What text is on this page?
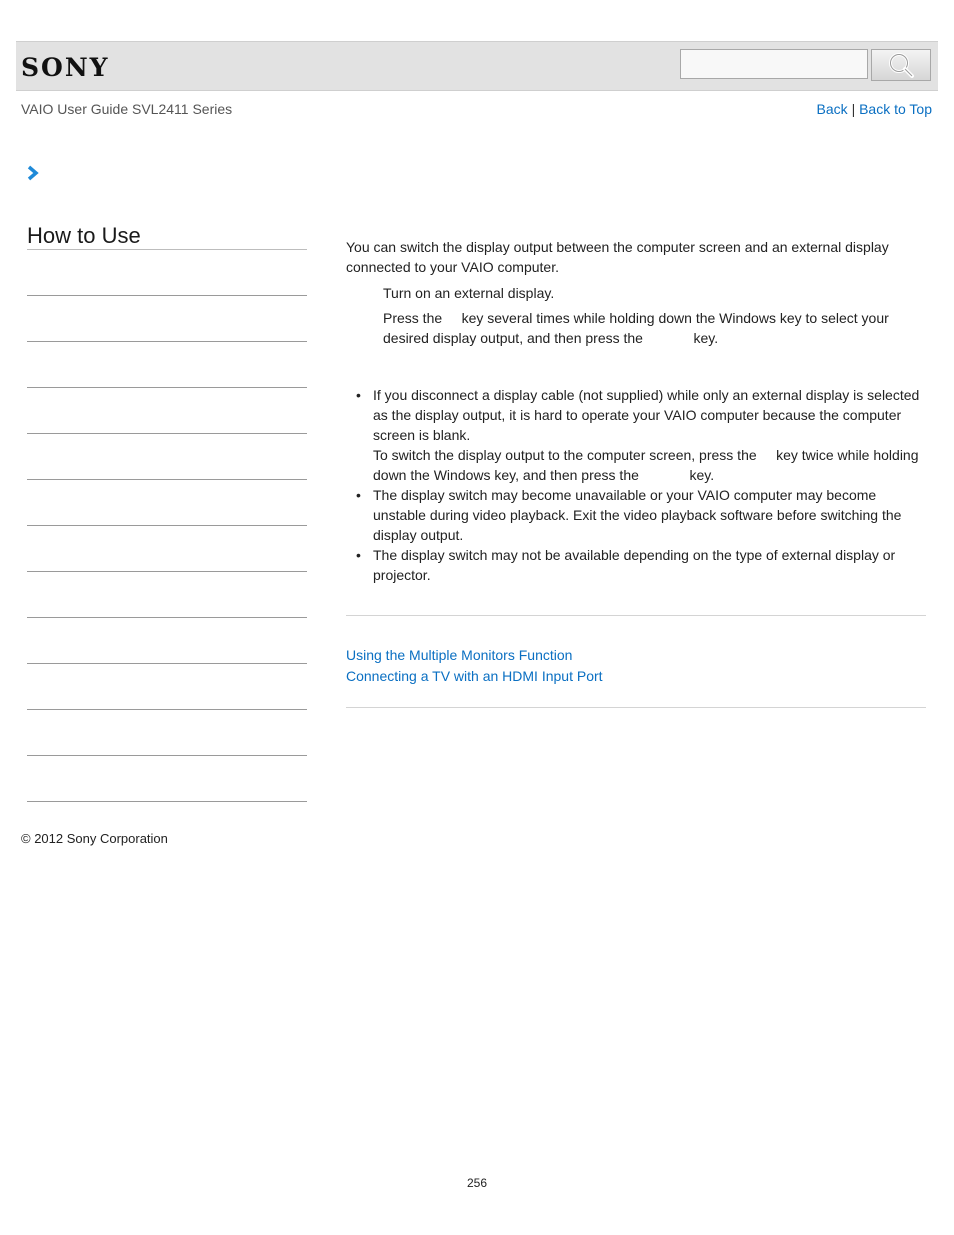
SONY
VAIO User Guide SVL2411 Series	Back | Back to Top
How to Use	You can switch the display output between the computer screen and an external display connected to your VAIO computer.

Turn on an external display.
Press the     key several times while holding down the Windows key to select your desired display output, and then press the             key.
• If you disconnect a display cable (not supplied) while only an external display is selected as the display output, it is hard to operate your VAIO computer because the computer screen is blank.
To switch the display output to the computer screen, press the     key twice while holding down the Windows key, and then press the             key.
• The display switch may become unavailable or your VAIO computer may become unstable during video playback. Exit the video playback software before switching the display output.
• The display switch may not be available depending on the type of external display or projector.
Using the Multiple Monitors Function
Connecting a TV with an HDMI Input Port
© 2012 Sony Corporation
256
